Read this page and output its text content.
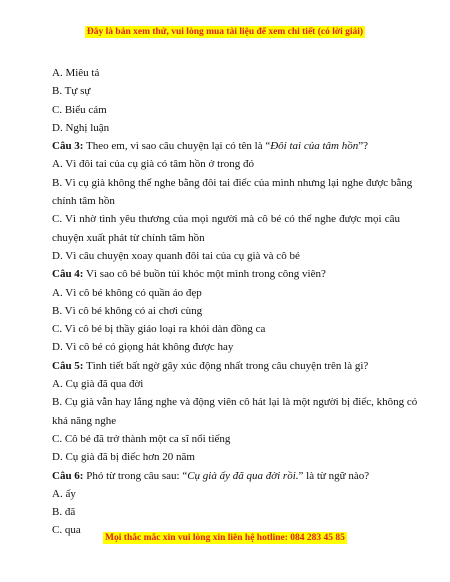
Đây là bản xem thử, vui lòng mua tài liệu để xem chi tiết (có lời giải)
A. Miêu tả
B. Tự sự
C. Biểu cảm
D. Nghị luận
Câu 3: Theo em, vì sao câu chuyện lại có tên là “Đôi tai của tâm hồn”?
A. Vì đôi tai của cụ già có tâm hồn ở trong đó
B. Vì cụ già không thể nghe bằng đôi tai điếc của mình nhưng lại nghe được bằng
chính tâm hồn
C. Vì nhờ tình yêu thương của mọi người mà cô bé có thể nghe được mọi câu
chuyện xuất phát từ chính tâm hồn
D. Vì câu chuyện xoay quanh đôi tai của cụ già và cô bé
Câu 4: Vì sao cô bé buồn tủi khóc một mình trong công viên?
A. Vì cô bé không có quần áo đẹp
B. Vì cô bé không có ai chơi cùng
C. Vì cô bé bị thầy giáo loại ra khỏi dàn đồng ca
D. Vì cô bé có giọng hát không được hay
Câu 5: Tình tiết bất ngờ gây xúc động nhất trong câu chuyện trên là gì?
A. Cụ già đã qua đời
B. Cụ già vẫn hay lắng nghe và động viên cô hát lại là một người bị điếc, không có
khả năng nghe
C. Cô bé đã trở thành một ca sĩ nổi tiếng
D. Cụ già đã bị điếc hơn 20 năm
Câu 6: Phó từ trong câu sau: “Cụ già ấy đã qua đời rồi.” là từ ngữ nào?
A. ấy
B. đã
C. qua
Mọi thắc mắc xin vui lòng xin liên hệ hotline: 084 283 45 85
